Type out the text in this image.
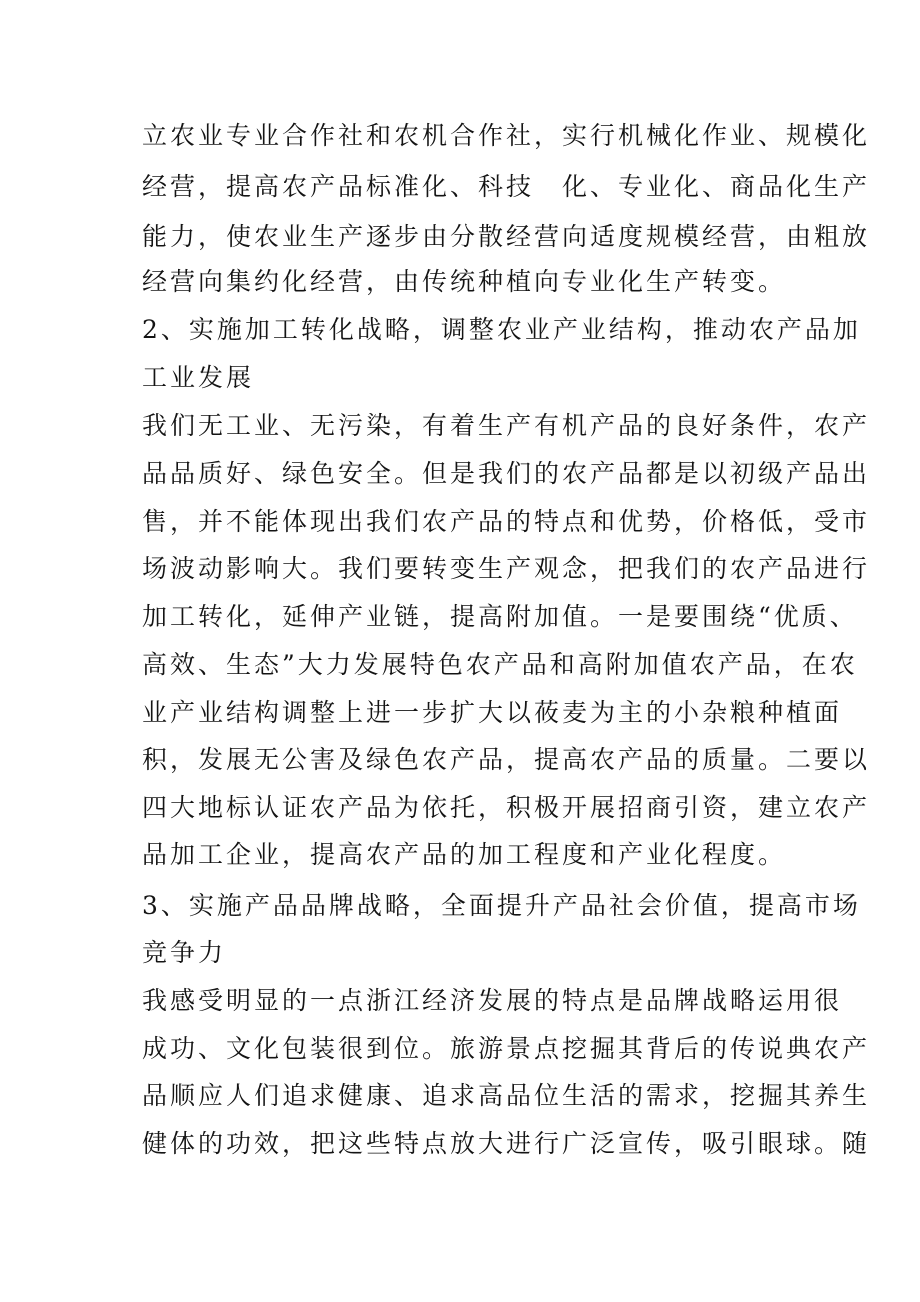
立农业专业合作社和农机合作社，实行机械化作业、规模化
经营，提高农产品标准化、科技　化、专业化、商品化生产
能力，使农业生产逐步由分散经营向适度规模经营，由粗放
经营向集约化经营，由传统种植向专业化生产转变。
2、实施加工转化战略，调整农业产业结构，推动农产品加
工业发展
我们无工业、无污染，有着生产有机产品的良好条件，农产
品品质好、绿色安全。但是我们的农产品都是以初级产品出
售，并不能体现出我们农产品的特点和优势，价格低，受市
场波动影响大。我们要转变生产观念，把我们的农产品进行
加工转化，延伸产业链，提高附加值。一是要围绕“优质、
高效、生态”大力发展特色农产品和高附加值农产品，在农
业产业结构调整上进一步扩大以莜麦为主的小杂粮种植面
积，发展无公害及绿色农产品，提高农产品的质量。二要以
四大地标认证农产品为依托，积极开展招商引资，建立农产
品加工企业，提高农产品的加工程度和产业化程度。
3、实施产品品牌战略，全面提升产品社会价值，提高市场
竞争力
我感受明显的一点浙江经济发展的特点是品牌战略运用很
成功、文化包装很到位。旅游景点挖掘其背后的传说典农产
品顺应人们追求健康、追求高品位生活的需求，挖掘其养生
健体的功效，把这些特点放大进行广泛宣传，吸引眼球。随
